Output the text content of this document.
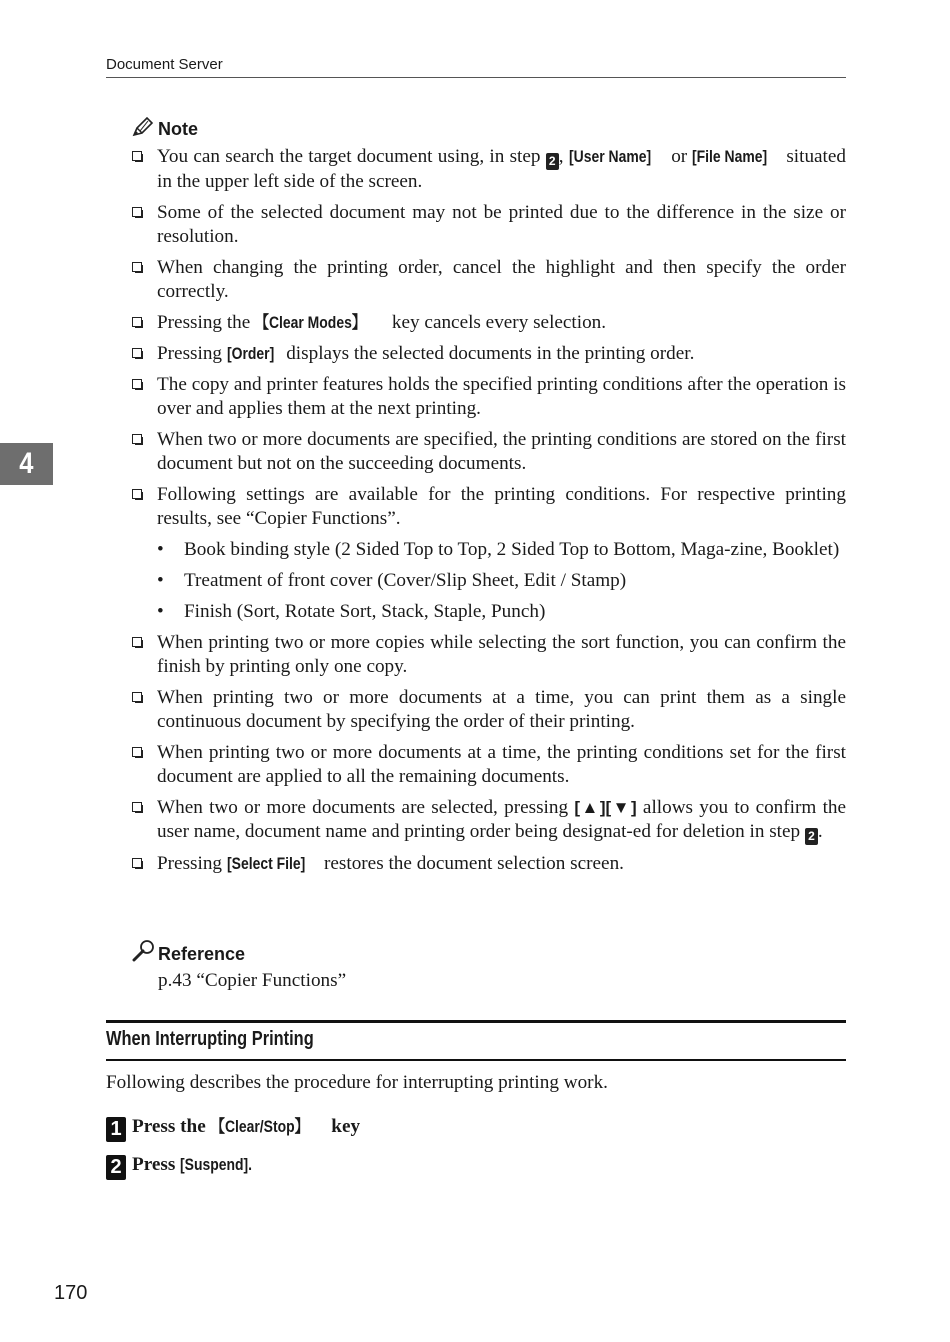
Document Server
4
Note
You can search the target document using, in step 2 , [User Name] or [File Name] situated in the upper left side of the screen.
Some of the selected document may not be printed due to the difference in the size or resolution.
When changing the printing order, cancel the highlight and then specify the order correctly.
Pressing the 【Clear Modes】 key cancels every selection.
Pressing [Order] displays the selected documents in the printing order.
The copy and printer features holds the specified printing conditions after the operation is over and applies them at the next printing.
When two or more documents are specified, the printing conditions are stored on the first document but not on the succeeding documents.
Following settings are available for the printing conditions. For respective printing results, see “Copier Functions”.
• Book binding style (2 Sided Top to Top, 2 Sided Top to Bottom, Maga-zine, Booklet)
• Treatment of front cover (Cover/Slip Sheet, Edit / Stamp)
• Finish (Sort, Rotate Sort, Stack, Staple, Punch)
When printing two or more copies while selecting the sort function, you can confirm the finish by printing only one copy.
When printing two or more documents at a time, you can print them as a single continuous document by specifying the order of their printing.
When printing two or more documents at a time, the printing conditions set for the first document are applied to all the remaining documents.
When two or more documents are selected, pressing [▲][▼] allows you to confirm the user name, document name and printing order being designat-ed for deletion in step 2 .
Pressing [Select File] restores the document selection screen.
Reference
p.43 “Copier Functions”
When Interrupting Printing
Following describes the procedure for interrupting printing work.
1 Press the 【Clear/Stop】 key
2 Press [Suspend].
170
